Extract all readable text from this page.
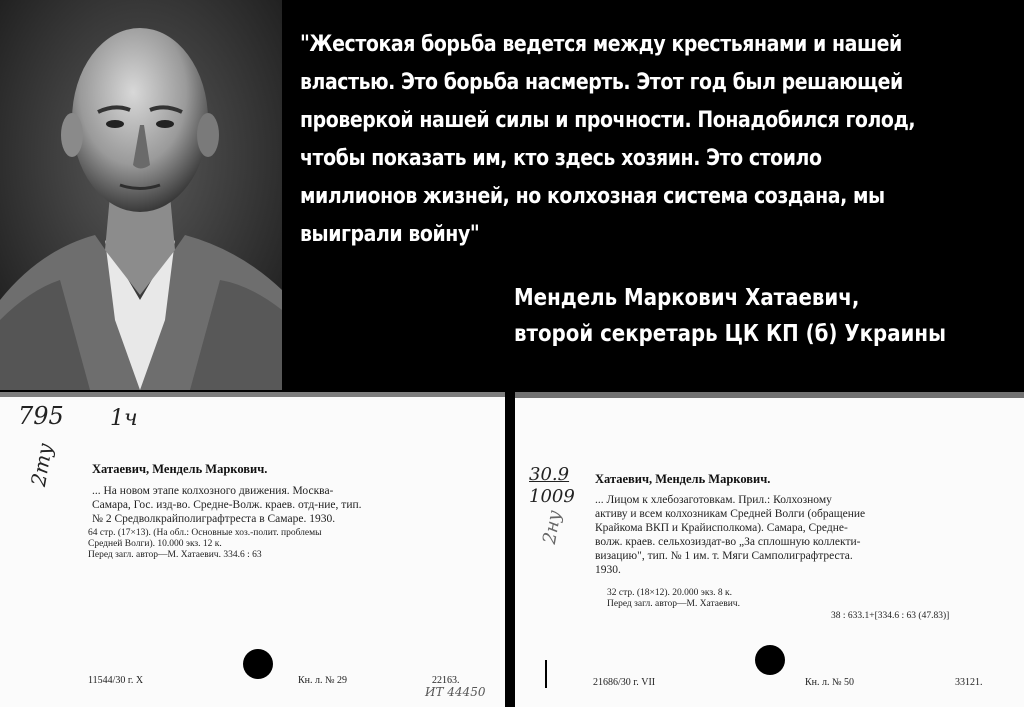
"Жестокая борьба ведется между крестьянами и нашей
властью. Это борьба насмерть. Этот год был решающей
проверкой нашей силы и прочности. Понадобился голод,
чтобы показать им, кто здесь хозяин. Это стоило
миллионов жизней, но колхозная система создана, мы
выиграли войну"
Мендель Маркович Хатаевич,
второй секретарь ЦК КП (б) Украины
795 1ч
2ту	Хатаевич, Мендель Маркович.
... На новом этапе колхозного движения. Москва-
Самара, Гос. изд-во. Средне-Волж. краев. отд-ние, тип.
№ 2 Средволкрайполиграфтреста в Самаре. 1930.
64 стр. (17×13). (На обл.: Основные хоз.-полит. проблемы
Средней Волги). 10.000 экз. 12 к.
Перед загл. автор—М. Хатаевич. 334.6 : 63
11544/30 г. X	Кн. л. № 29	22163.
ИТ 44450
30.9
1009
2ну
Хатаевич, Мендель Маркович.
... Лицом к хлебозаготовкам. Прил.: Колхозному
активу и всем колхозникам Средней Волги (обращение
Крайкома ВКП и Крайисполкома). Самара, Средне-
волж. краев. сельхозиздат-во „За сплошную коллекти-
визацию", тип. № 1 им. т. Мяги Самполиграфтреста.
1930.
32 стр. (18×12). 20.000 экз. 8 к.
Перед загл. автор—М. Хатаевич.
38 : 633.1+[334.6 : 63 (47.83)]
21686/30 г. VII	Кн. л. № 50	33121.
